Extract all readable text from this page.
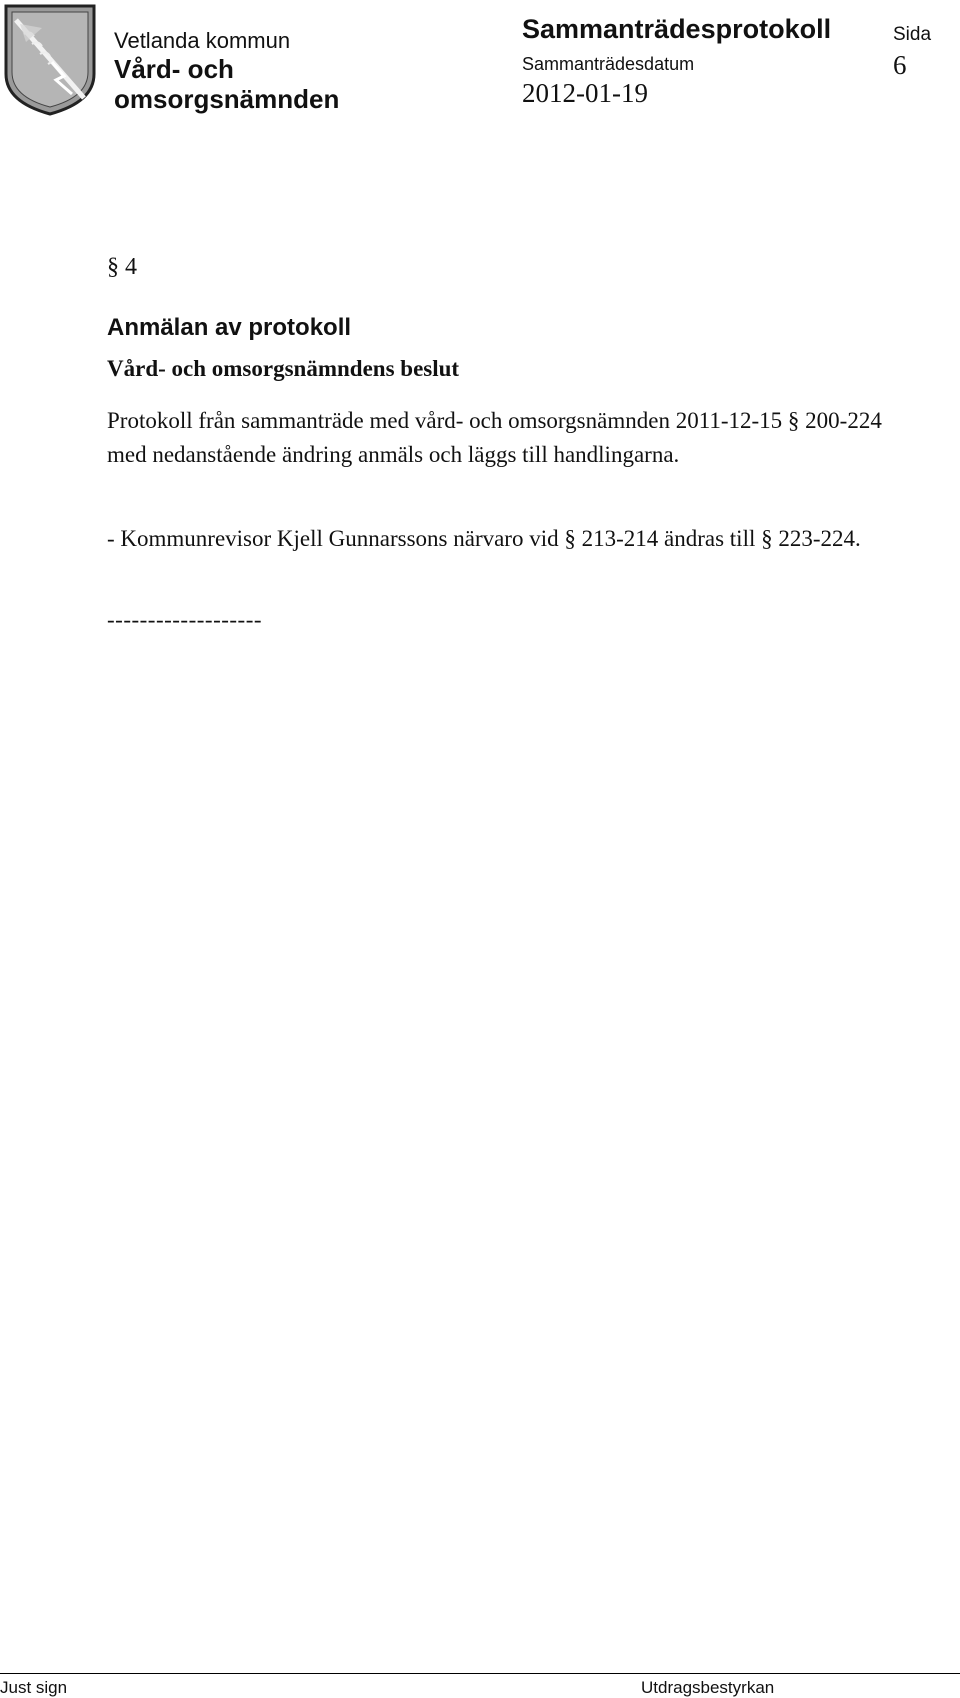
Vetlanda kommun
Vård- och
omsorgsnämnden
Sammanträdesprotokoll
Sammanträdesdatum
2012-01-19
Sida
6
§ 4
Anmälan av protokoll
Vård- och omsorgsnämndens beslut

Protokoll från sammanträde med vård- och omsorgsnämnden 2011-12-15 § 200-224 med nedanstående ändring anmäls och läggs till handlingarna.

- Kommunrevisor Kjell Gunnarssons närvaro vid § 213-214 ändras till § 223-224.

-------------------
Just sign	Utdragsbestyrkan
